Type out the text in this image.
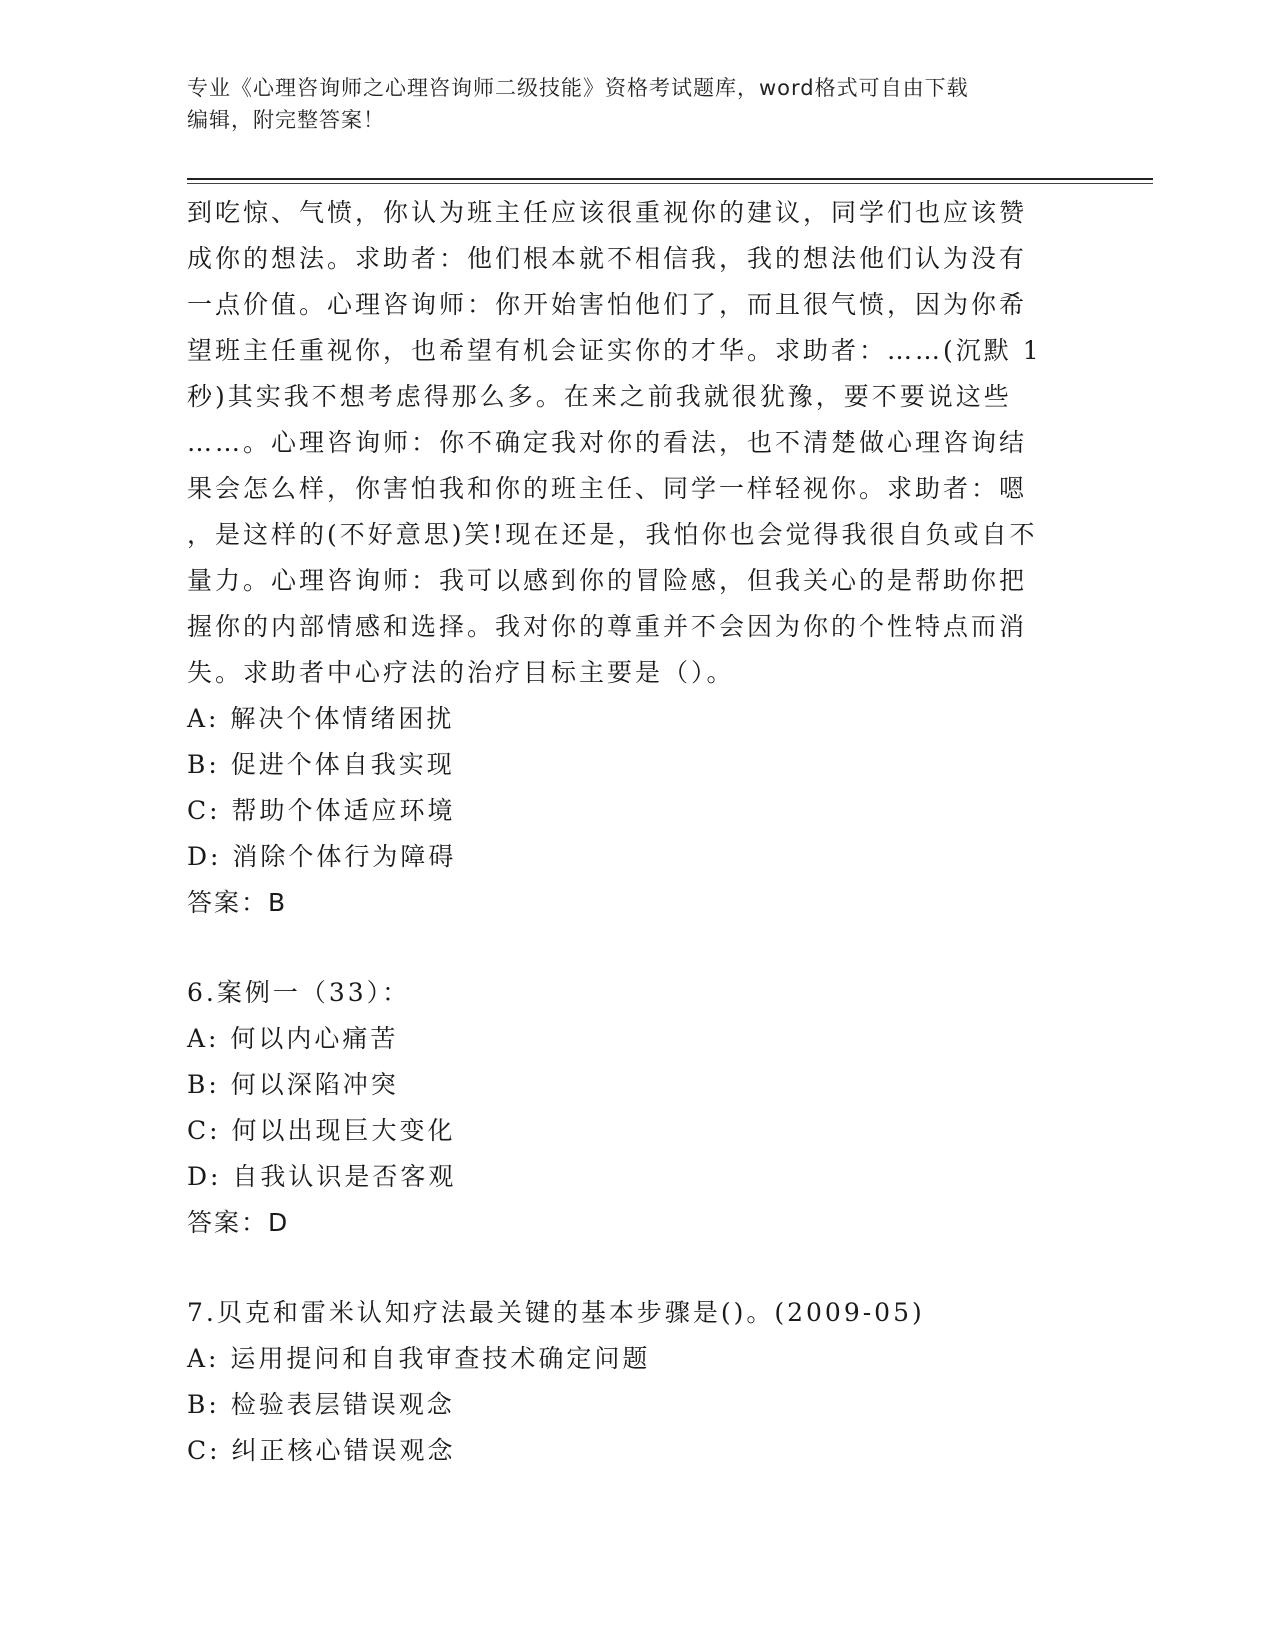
专业《心理咨询师之心理咨询师二级技能》资格考试题库，word格式可自由下载
编辑，附完整答案！
到吃惊、气愤，你认为班主任应该很重视你的建议，同学们也应该赞
成你的想法。求助者：他们根本就不相信我，我的想法他们认为没有
一点价值。心理咨询师：你开始害怕他们了，而且很气愤，因为你希
望班主任重视你，也希望有机会证实你的才华。求助者：……(沉默 1
秒)其实我不想考虑得那么多。在来之前我就很犹豫，要不要说这些
……。心理咨询师：你不确定我对你的看法，也不清楚做心理咨询结
果会怎么样，你害怕我和你的班主任、同学一样轻视你。求助者：嗯
，是这样的(不好意思)笑!现在还是，我怕你也会觉得我很自负或自不
量力。心理咨询师：我可以感到你的冒险感，但我关心的是帮助你把
握你的内部情感和选择。我对你的尊重并不会因为你的个性特点而消
失。求助者中心疗法的治疗目标主要是（）。
A: 解决个体情绪困扰
B: 促进个体自我实现
C: 帮助个体适应环境
D: 消除个体行为障碍
答案：B
6.案例一（33）：
A: 何以内心痛苦
B: 何以深陷冲突
C: 何以出现巨大变化
D: 自我认识是否客观
答案：D
7.贝克和雷米认知疗法最关键的基本步骤是()。(2009-05)
A: 运用提问和自我审查技术确定问题
B: 检验表层错误观念
C: 纠正核心错误观念
